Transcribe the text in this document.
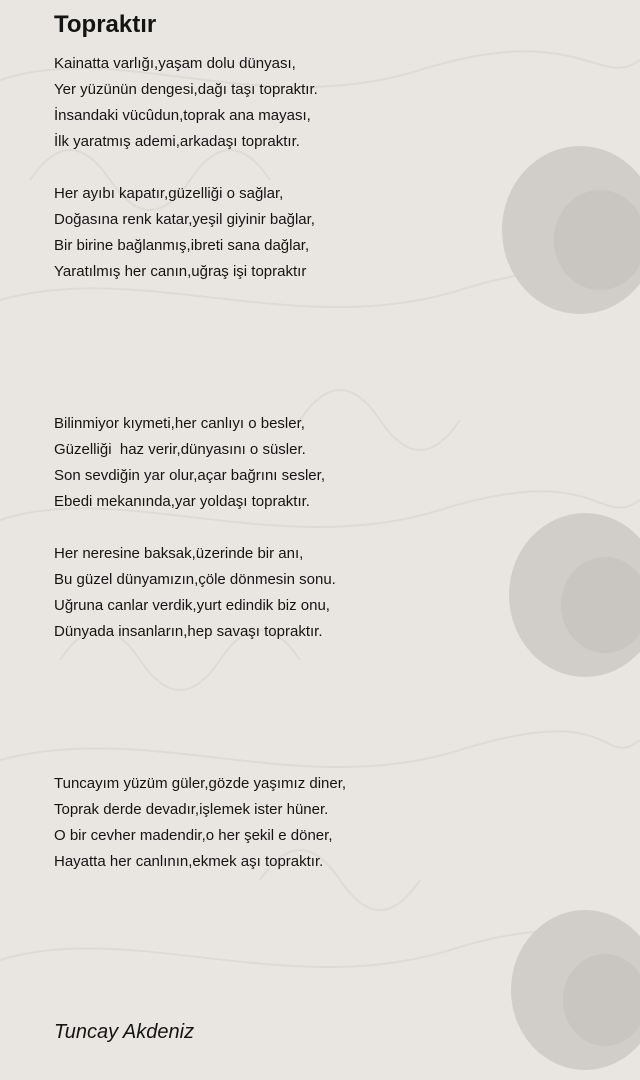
Topraktır

Kainatta varlığı,yaşam dolu dünyası,
Yer yüzünün dengesi,dağı taşı topraktır.
İnsandaki vücûdun,toprak ana mayası,
İlk yaratmış ademi,arkadaşı topraktır.

Her ayıbı kapatır,güzelliği o sağlar,
Doğasına renk katar,yeşil giyinir bağlar,
Bir birine bağlanmış,ibreti sana dağlar,
Yaratılmış her canın,uğraş işi topraktır

Bilinmiyor kıymeti,her canlıyı o besler,
Güzelliği  haz verir,dünyasını o süsler.
Son sevdiğin yar olur,açar bağrını sesler,
Ebedi mekanında,yar yoldaşı topraktır.

Her neresine baksak,üzerinde bir anı,
Bu güzel dünyamızın,çöle dönmesin sonu.
Uğruna canlar verdik,yurt edindik biz onu,
Dünyada insanların,hep savaşı topraktır.

Tuncayım yüzüm güler,gözde yaşımız diner,
Toprak derde devadır,işlemek ister hüner.
O bir cevher madendir,o her şekil e döner,
Hayatta her canlının,ekmek aşı topraktır.

Tuncay Akdeniz
